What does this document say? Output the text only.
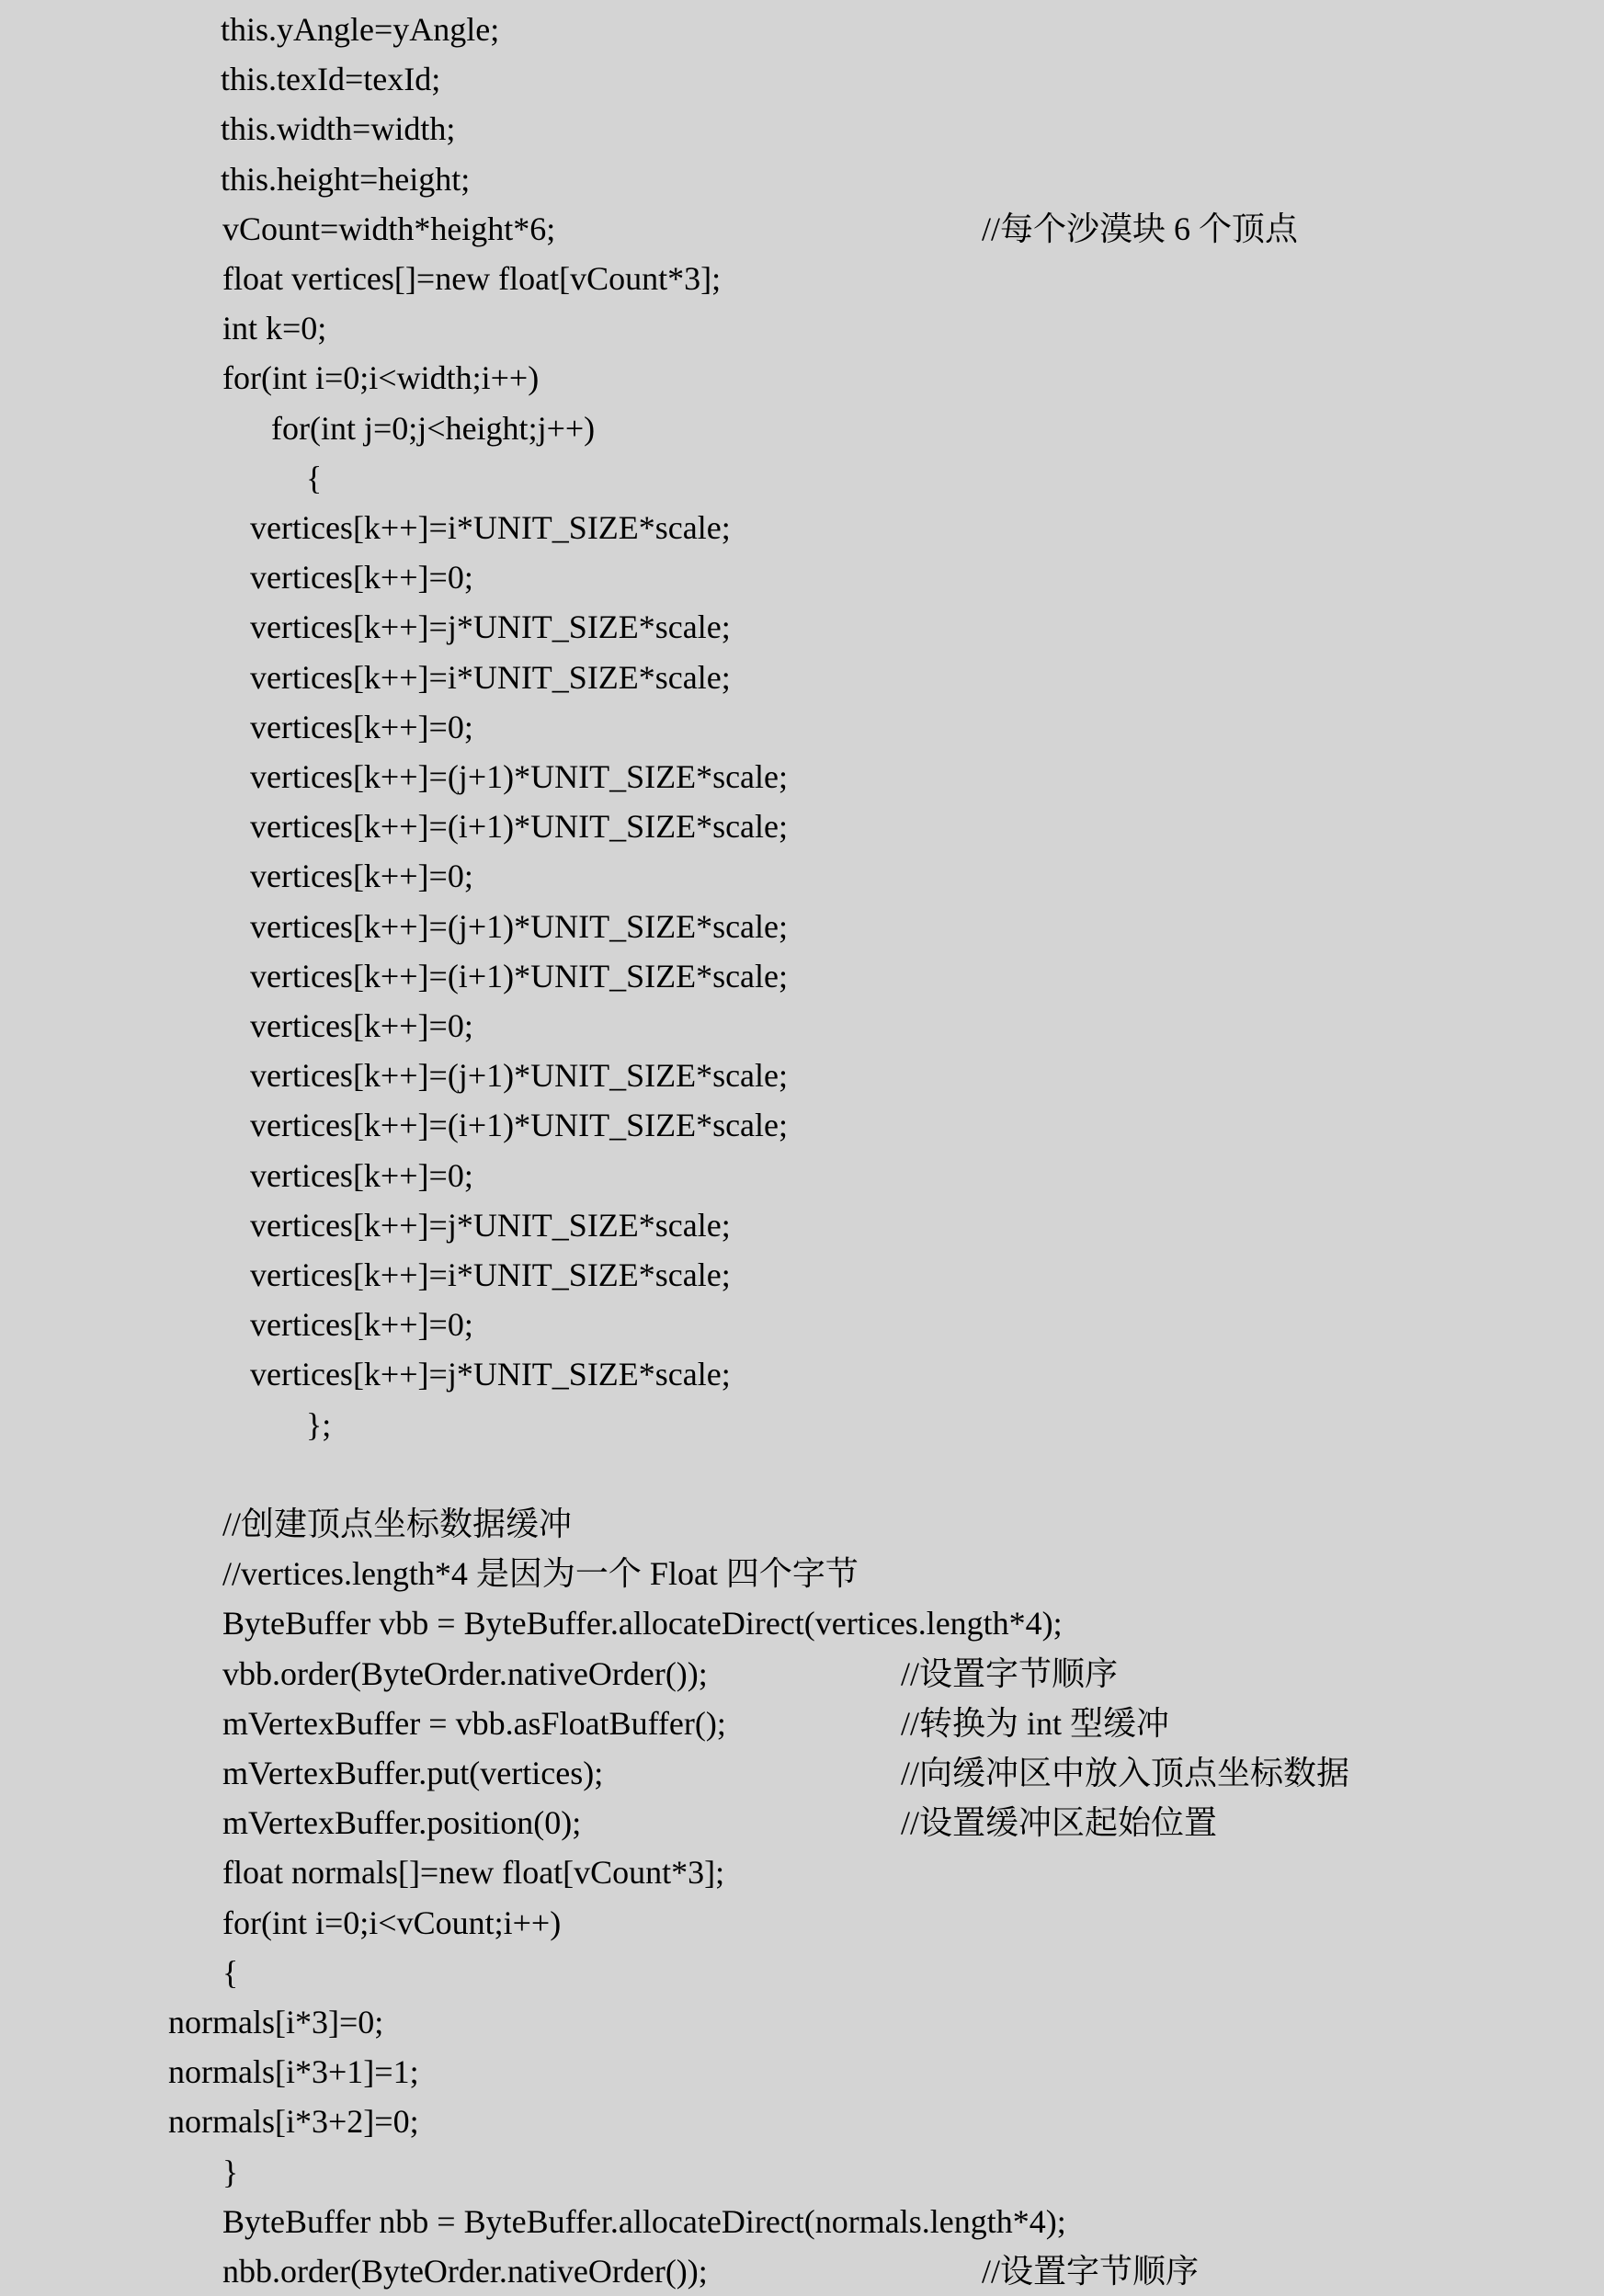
this.yAngle=yAngle;
this.texId=texId;
this.width=width;
this.height=height;
vCount=width*height*6;	//每个沙漠块 6 个顶点
float vertices[]=new float[vCount*3];
int k=0;
for(int i=0;i<width;i++)
for(int j=0;j<height;j++)
{
vertices[k++]=i*UNIT_SIZE*scale;
vertices[k++]=0;
vertices[k++]=j*UNIT_SIZE*scale;
vertices[k++]=i*UNIT_SIZE*scale;
vertices[k++]=0;
vertices[k++]=(j+1)*UNIT_SIZE*scale;
vertices[k++]=(i+1)*UNIT_SIZE*scale;
vertices[k++]=0;
vertices[k++]=(j+1)*UNIT_SIZE*scale;
vertices[k++]=(i+1)*UNIT_SIZE*scale;
vertices[k++]=0;
vertices[k++]=(j+1)*UNIT_SIZE*scale;
vertices[k++]=(i+1)*UNIT_SIZE*scale;
vertices[k++]=0;
vertices[k++]=j*UNIT_SIZE*scale;
vertices[k++]=i*UNIT_SIZE*scale;
vertices[k++]=0;
vertices[k++]=j*UNIT_SIZE*scale;
};
//创建顶点坐标数据缓冲
//vertices.length*4 是因为一个 Float 四个字节
ByteBuffer vbb = ByteBuffer.allocateDirect(vertices.length*4);
vbb.order(ByteOrder.nativeOrder());	//设置字节顺序
mVertexBuffer = vbb.asFloatBuffer();	//转换为 int 型缓冲
mVertexBuffer.put(vertices);	//向缓冲区中放入顶点坐标数据
mVertexBuffer.position(0);	//设置缓冲区起始位置
float normals[]=new float[vCount*3];
for(int i=0;i<vCount;i++)
{
normals[i*3]=0;
normals[i*3+1]=1;
normals[i*3+2]=0;
}
ByteBuffer nbb = ByteBuffer.allocateDirect(normals.length*4);
nbb.order(ByteOrder.nativeOrder());	//设置字节顺序
